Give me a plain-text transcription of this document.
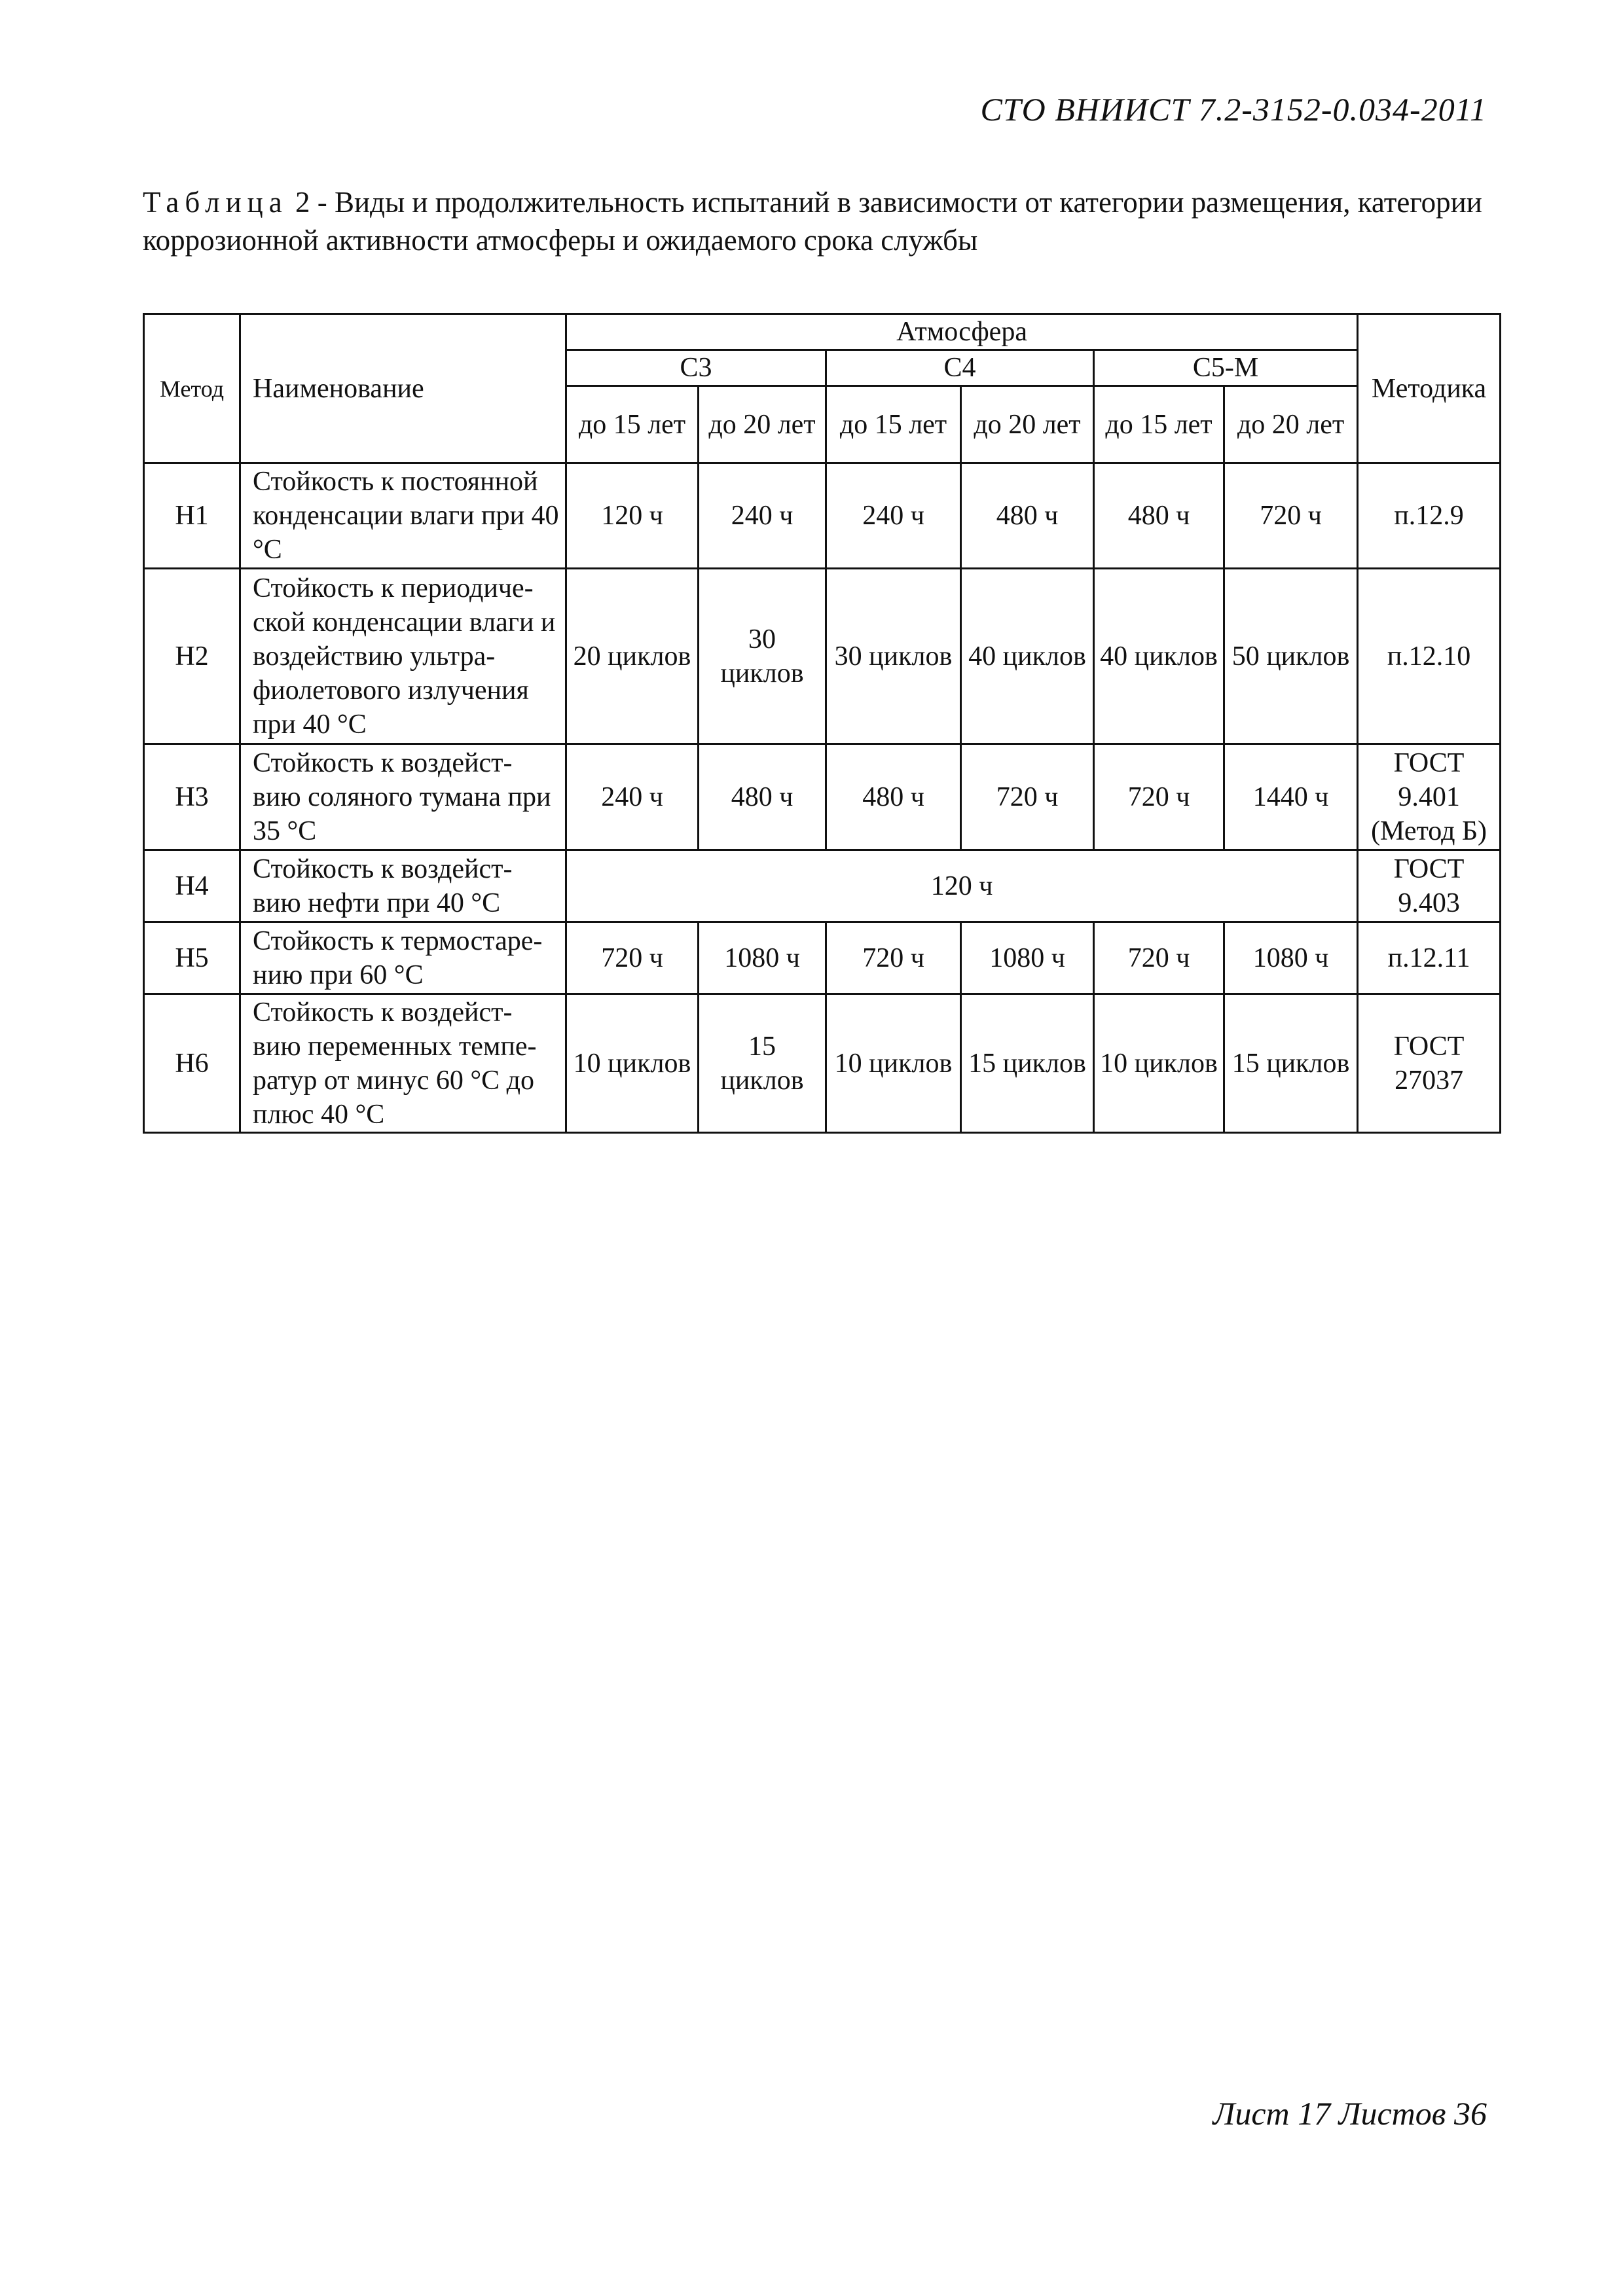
СТО ВНИИСТ 7.2-3152-0.034-2011
Таблица 2 - Виды и продолжительность испытаний в зависимости от категории размещения, категории коррозионной активности атмосферы и ожидаемого срока службы
Метод	Наименование	Атмосфера						Методика
		С3		С4		С5-М		
		до 15 лет	до 20 лет	до 15 лет	до 20 лет	до 15 лет	до 20 лет	
Н1	Стойкость к постоянной конденсации влаги при 40 °С	120 ч	240 ч	240 ч	480 ч	480 ч	720 ч	п.12.9
Н2	Стойкость к периодиче-ской конденсации влаги и воздействию ультра-фиолетового излучения при 40 °С	20 циклов	30 циклов	30 циклов	40 циклов	40 циклов	50 циклов	п.12.10
Н3	Стойкость к воздейст-вию соляного тумана при 35 °С	240 ч	480 ч	480 ч	720 ч	720 ч	1440 ч	ГОСТ 9.401 (Метод Б)
Н4	Стойкость к воздейст-вию нефти при 40 °С	120 ч						ГОСТ 9.403
Н5	Стойкость к термостаре-нию при 60 °С	720 ч	1080 ч	720 ч	1080 ч	720 ч	1080 ч	п.12.11
Н6	Стойкость к воздейст-вию переменных темпе-ратур от минус 60 °С до плюс 40 °С	10 циклов	15 циклов	10 циклов	15 циклов	10 циклов	15 циклов	ГОСТ 27037
Лист 17 Листов 36
